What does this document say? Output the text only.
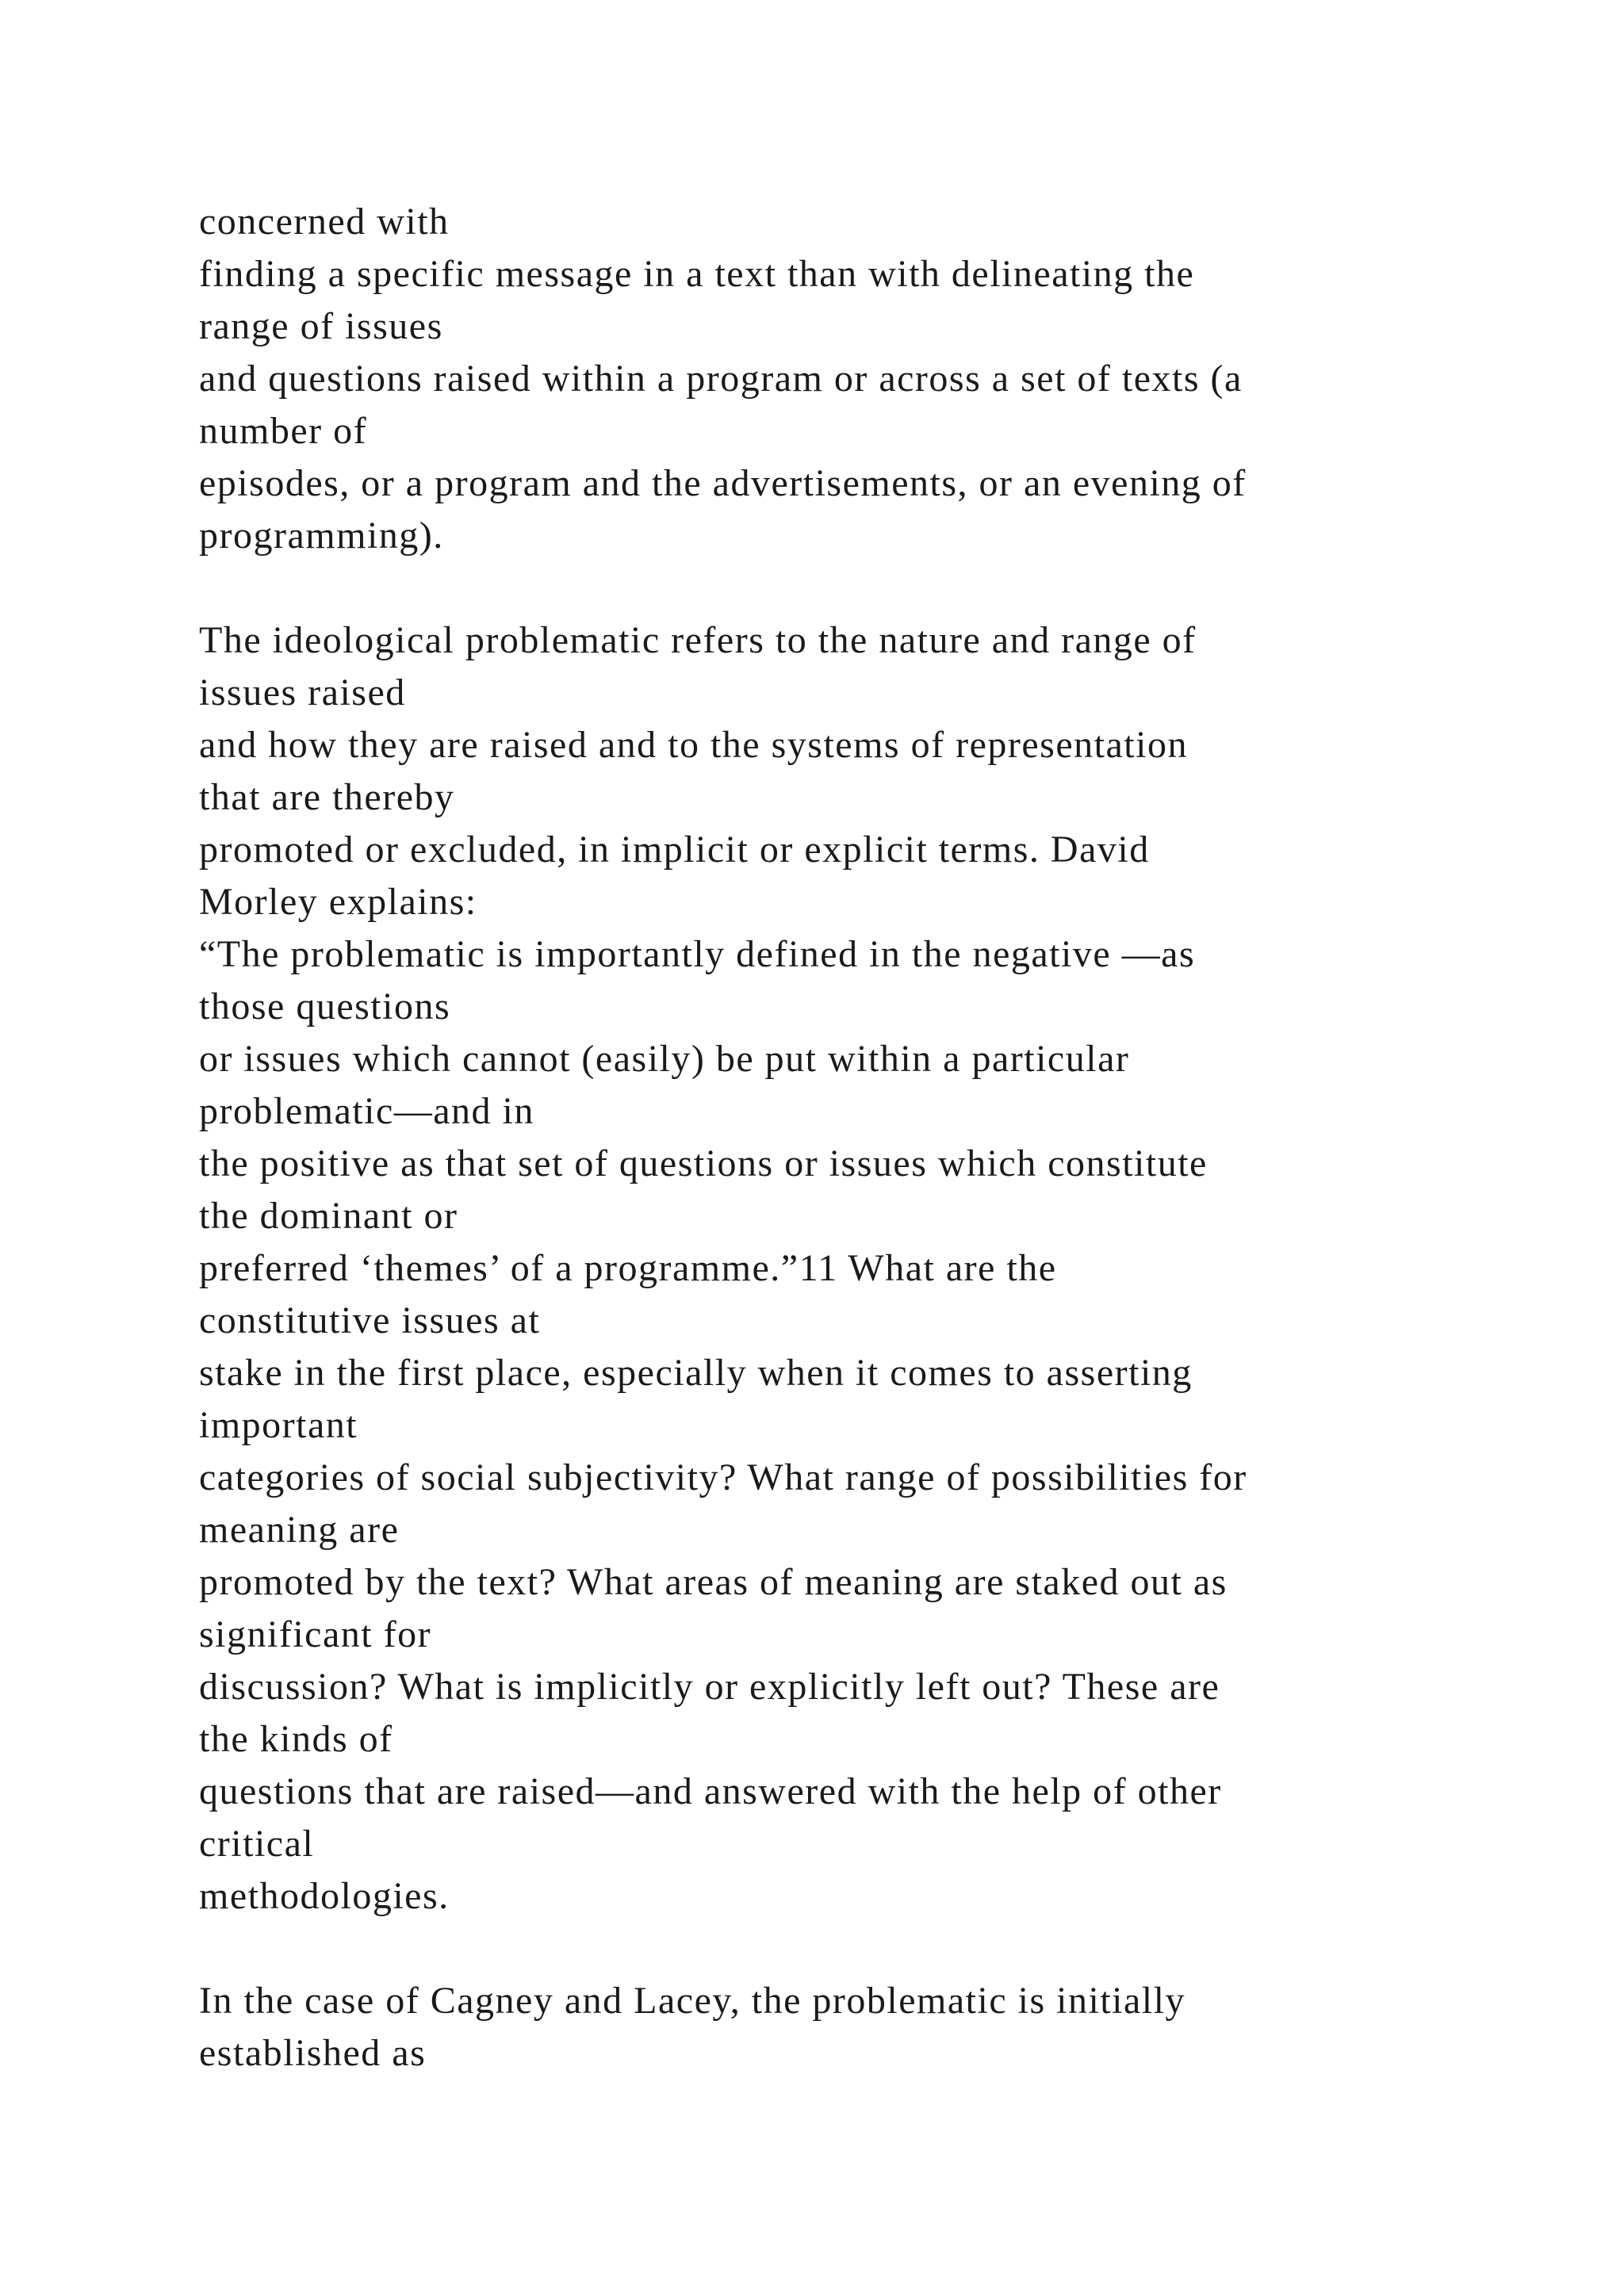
concerned with
finding a specific message in a text than with delineating the
range of issues
and questions raised within a program or across a set of texts (a
number of
episodes, or a program and the advertisements, or an evening of
programming).

The ideological problematic refers to the nature and range of
issues raised
and how they are raised and to the systems of representation
that are thereby
promoted or excluded, in implicit or explicit terms. David
Morley explains:
“The problematic is importantly defined in the negative —as
those questions
or issues which cannot (easily) be put within a particular
problematic—and in
the positive as that set of questions or issues which constitute
the dominant or
preferred ‘themes’ of a programme.”11 What are the
constitutive issues at
stake in the first place, especially when it comes to asserting
important
categories of social subjectivity? What range of possibilities for
meaning are
promoted by the text? What areas of meaning are staked out as
significant for
discussion? What is implicitly or explicitly left out? These are
the kinds of
questions that are raised—and answered with the help of other
critical
methodologies.

In the case of Cagney and Lacey, the problematic is initially
established as
